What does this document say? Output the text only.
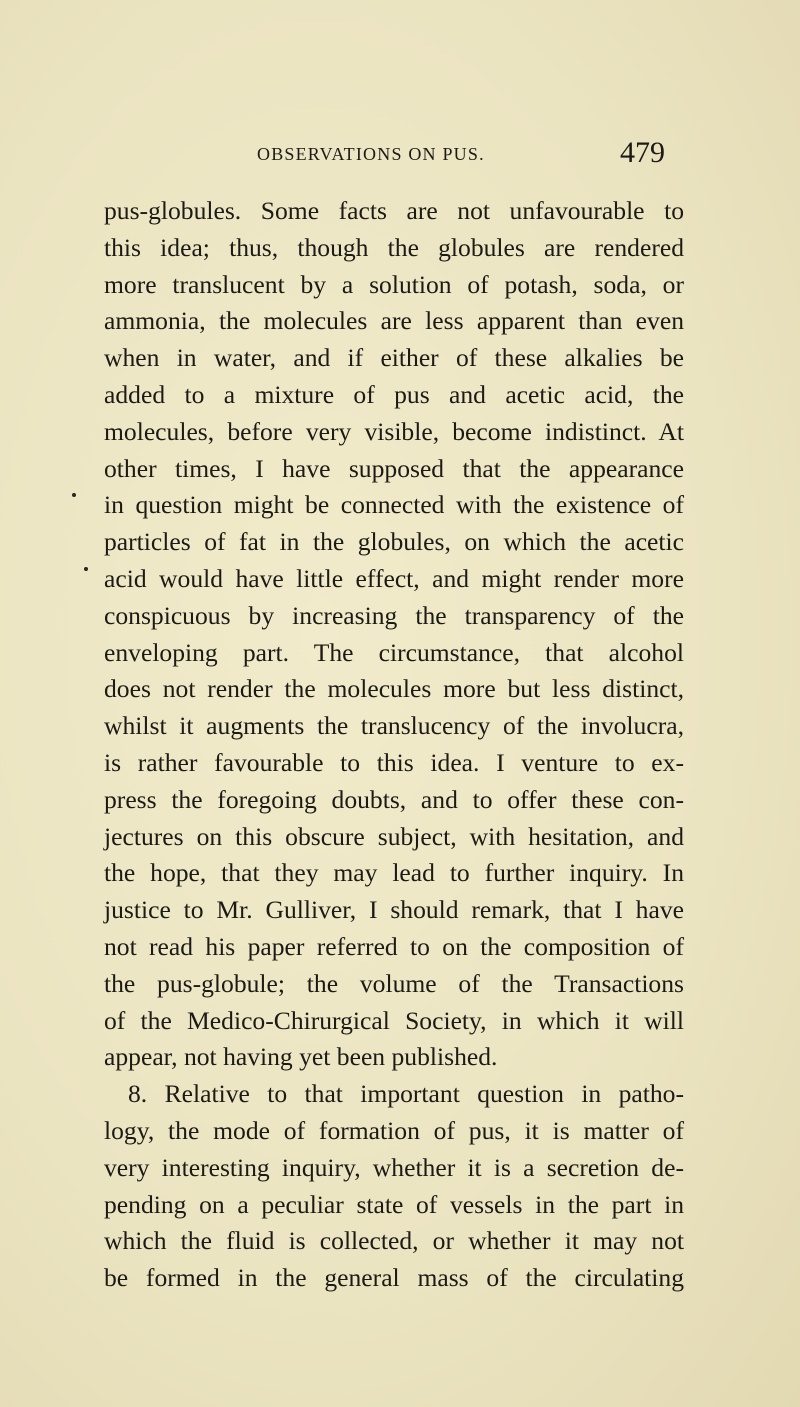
OBSERVATIONS ON PUS.	479
pus-globules. Some facts are not unfavourable to
this idea; thus, though the globules are rendered
more translucent by a solution of potash, soda, or
ammonia, the molecules are less apparent than even
when in water, and if either of these alkalies be
added to a mixture of pus and acetic acid, the
molecules, before very visible, become indistinct. At
other times, I have supposed that the appearance
in question might be connected with the existence of
particles of fat in the globules, on which the acetic
acid would have little effect, and might render more
conspicuous by increasing the transparency of the
enveloping part. The circumstance, that alcohol
does not render the molecules more but less distinct,
whilst it augments the translucency of the involucra,
is rather favourable to this idea. I venture to ex-
press the foregoing doubts, and to offer these con-
jectures on this obscure subject, with hesitation, and
the hope, that they may lead to further inquiry. In
justice to Mr. Gulliver, I should remark, that I have
not read his paper referred to on the composition of
the pus-globule; the volume of the Transactions
of the Medico-Chirurgical Society, in which it will
appear, not having yet been published.
8. Relative to that important question in patho-
logy, the mode of formation of pus, it is matter of
very interesting inquiry, whether it is a secretion de-
pending on a peculiar state of vessels in the part in
which the fluid is collected, or whether it may not
be formed in the general mass of the circulating
